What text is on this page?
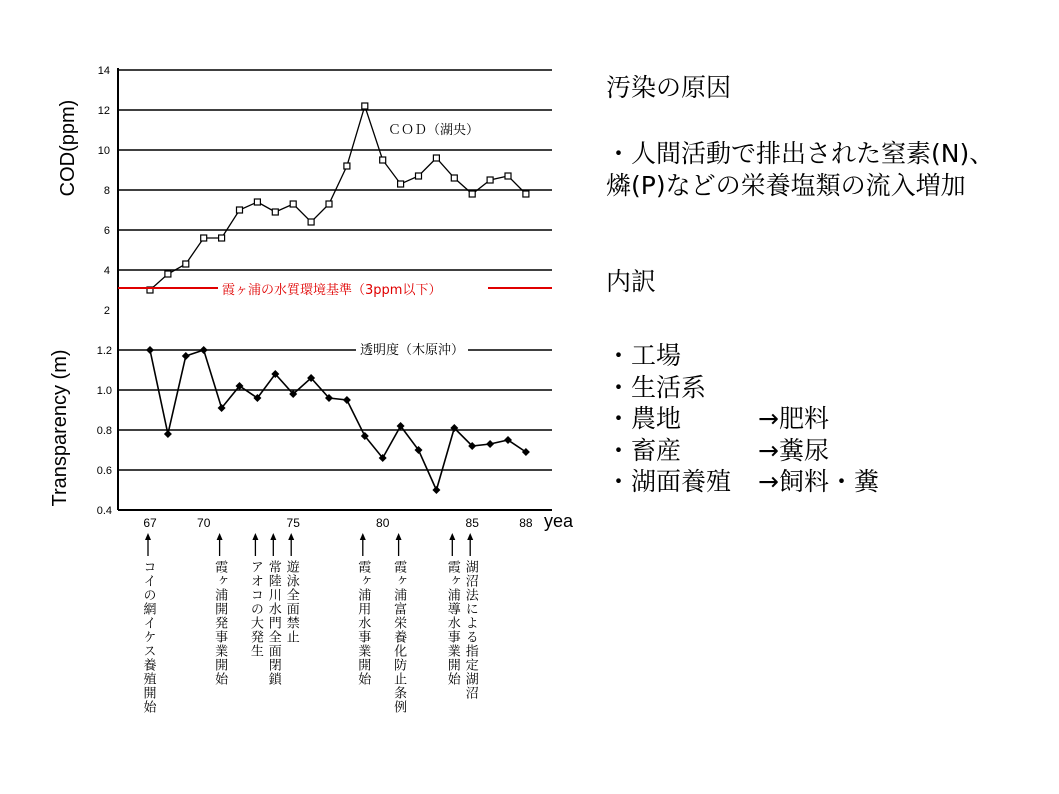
14
12
10
8
6
4
2
1.2
1.0
0.8
0.6
0.4
67	70	75	80	85	88
コイの網イケス養殖開始	霞ヶ浦開発事業開始 アオコの大発生 常陸川水門全面閉鎖 遊泳全面禁止	霞ヶ浦用水事業開始 霞ヶ浦富栄養化防止条例	霞ヶ浦導水事業開始 湖沼法による指定湖沼
COD(ppm)
Transparency (m)
yea
ＣＯＤ（湖央）
透明度（木原沖）
霞ヶ浦の水質環境基準（3ppm以下）
汚染の原因
・人間活動で排出された窒素(N)、
燐(P)などの栄養塩類の流入増加
内訳
・工場
・生活系
・農地	→肥料
・畜産	→糞尿
・湖面養殖 →飼料・糞
